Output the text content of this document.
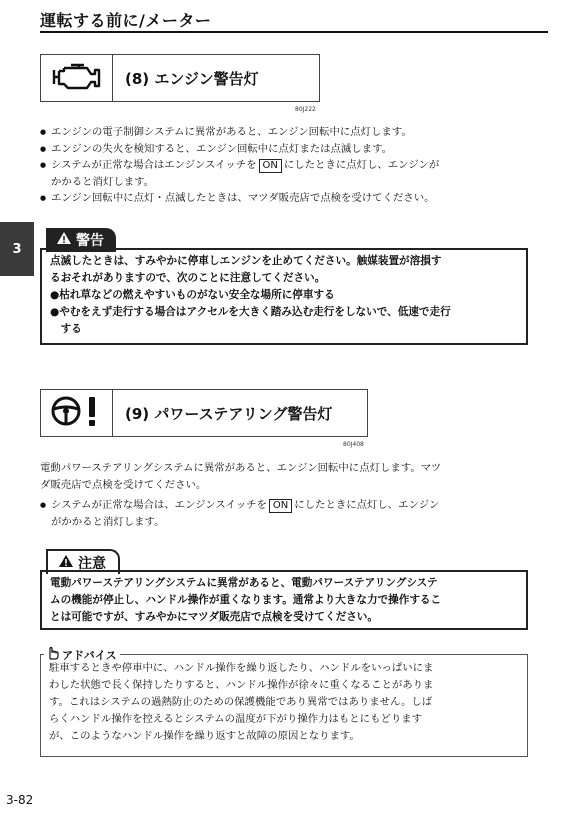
運転する前に/メーター
3
(8) エンジン警告灯
80J222
● エンジンの電子制御システムに異常があると、エンジン回転中に点灯します。
● エンジンの失火を検知すると、エンジン回転中に点灯または点滅します。
● システムが正常な場合はエンジンスイッチを ON にしたときに点灯し、エンジンが
かかると消灯します。
● エンジン回転中に点灯・点滅したときは、マツダ販売店で点検を受けてください。
警告
点滅したときは、すみやかに停車しエンジンを止めてください。触媒装置が溶損す
るおそれがありますので、次のことに注意してください。
●枯れ草などの燃えやすいものがない安全な場所に停車する
●やむをえず走行する場合はアクセルを大きく踏み込む走行をしないで、低速で走行
　する
(9) パワーステアリング警告灯
80J408
電動パワーステアリングシステムに異常があると、エンジン回転中に点灯します。マツ
ダ販売店で点検を受けてください。
● システムが正常な場合は、エンジンスイッチを ON にしたときに点灯し、エンジン
がかかると消灯します。
注意
電動パワーステアリングシステムに異常があると、電動パワーステアリングシステ
ムの機能が停止し、ハンドル操作が重くなります。通常より大きな力で操作するこ
とは可能ですが、すみやかにマツダ販売店で点検を受けてください。
アドバイス
駐車するときや停車中に、ハンドル操作を繰り返したり、ハンドルをいっぱいにま
わした状態で長く保持したりすると、ハンドル操作が徐々に重くなることがありま
す。これはシステムの過熱防止のための保護機能であり異常ではありません。しば
らくハンドル操作を控えるとシステムの温度が下がり操作力はもとにもどります
が、このようなハンドル操作を繰り返すと故障の原因となります。
3-82
